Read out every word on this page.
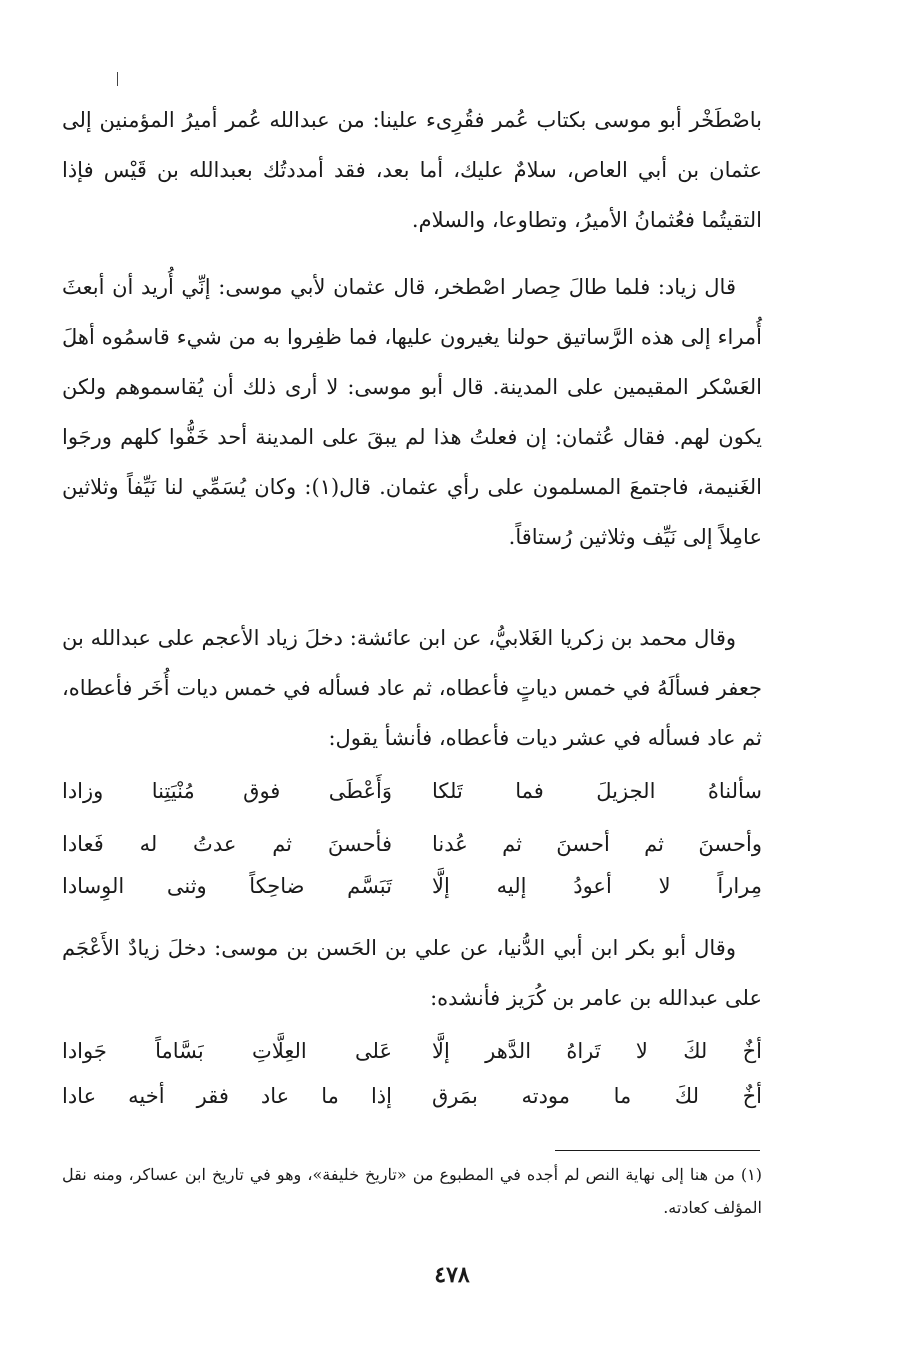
باصْطَخْر أبو موسى بكتاب عُمر فقُرِىء علينا: من عبدالله عُمر أميرُ المؤمنين إلى عثمان بن أبي العاص، سلامٌ عليك، أما بعد، فقد أمددتُك بعبدالله بن قَيْس فإذا التقيتُما فعُثمانُ الأميرُ، وتطاوعا، والسلام.

قال زياد: فلما طالَ حِصار اصْطخر، قال عثمان لأبي موسى: إنِّي أُريد أن أبعثَ أُمراء إلى هذه الرَّساتيق حولنا يغيرون عليها، فما ظفِروا به من شيء قاسمُوه أهلَ العَسْكر المقيمين على المدينة. قال أبو موسى: لا أرى ذلك أن يُقاسموهم ولكن يكون لهم. فقال عُثمان: إن فعلتُ هذا لم يبقَ على المدينة أحد خَفُّوا كلهم ورجَوا الغَنيمة، فاجتمعَ المسلمون على رأي عثمان. قال(١): وكان يُسَمِّي لنا نَيِّفاً وثلاثين عامِلاً إلى نَيِّف وثلاثين رُستاقاً.

وقال محمد بن زكريا الغَلابيُّ، عن ابن عائشة: دخلَ زياد الأعجم على عبدالله بن جعفر فسألَهُ في خمس دياتٍ فأعطاه، ثم عاد فسأله في خمس ديات أُخَر فأعطاه، ثم عاد فسأله في عشر ديات فأعطاه، فأنشأ يقول:

سألناهُ الجزيلَ فما تَلكا
وَأَعْطَى فوق مُنْيَتِنا وزادا
وأحسنَ ثم أحسنَ ثم عُدنا
فأحسنَ ثم عدتُ له فَعادا
مِراراً لا أعودُ إليه إلَّا
تَبَسَّم ضاحِكاً وثنى الوِسادا

وقال أبو بكر ابن أبي الدُّنيا، عن علي بن الحَسن بن موسى: دخلَ زيادٌ الأَعْجَم على عبدالله بن عامر بن كُرَيز فأنشده:

أخٌ لكَ لا تَراهُ الدَّهر إلَّا
عَلى العِلَّاتِ بَسَّاماً جَوادا
أخٌ لكَ ما مودته بمَرق
إذا ما عاد فقر أخيه عادا

(١) من هنا إلى نهاية النص لم أجده في المطبوع من «تاريخ خليفة»، وهو في تاريخ ابن عساكر، ومنه نقل المؤلف كعادته.

٤٧٨
